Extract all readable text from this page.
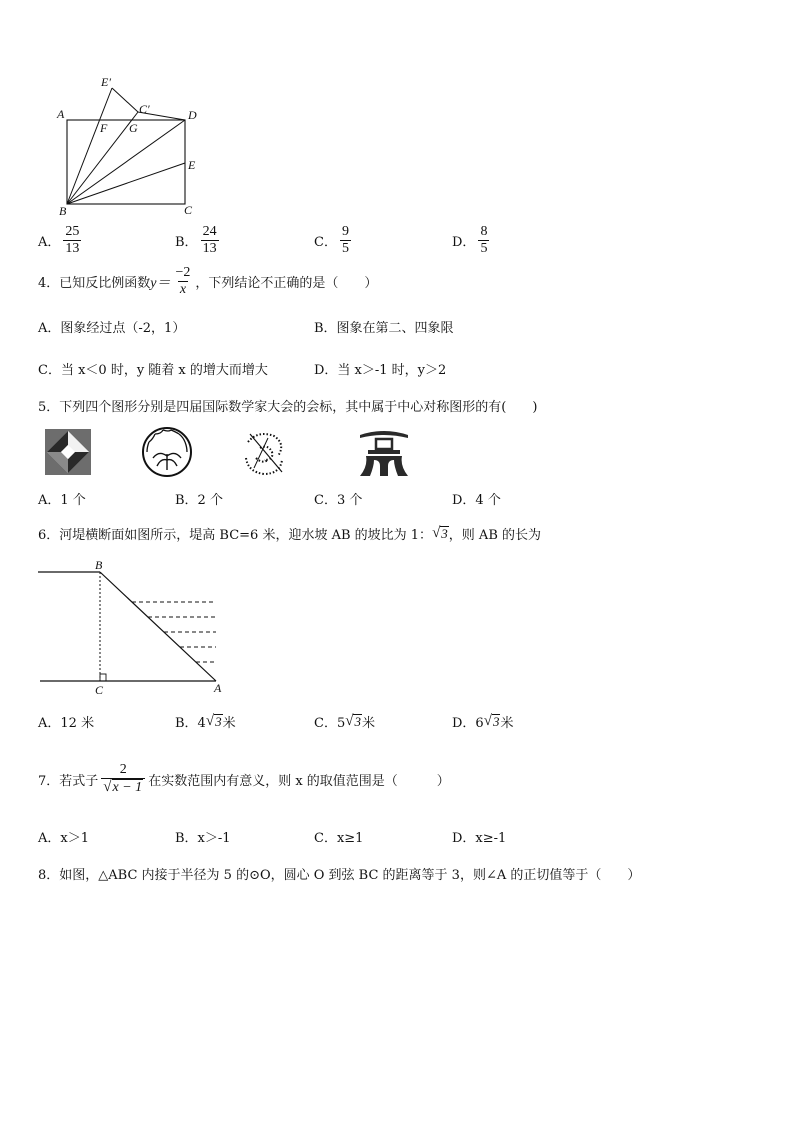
A	D
E′
C′
F G
E
B	C
A． $\frac{25}{13}$	B． $\frac{24}{13}$	C． $\frac{9}{5}$	D． $\frac{8}{5}$
4．已知反比例函数 $y= \frac{-2}{x}$ ，下列结论不正确的是（　　）
A．图象经过点（-2，1）	B．图象在第二、四象限
C．当 x＜0 时，y 随着 x 的增大而增大	D．当 x＞-1 时，y＞2
5．下列四个图形分别是四届国际数学家大会的会标，其中属于中心对称图形的有(　　)
A．1 个	B．2 个	C．3 个	D．4 个
6．河堤横断面如图所示，堤高 BC=6 米，迎水坡 AB 的坡比为 1： √ 3 ，则 AB 的长为
B
C	A
A．12 米	B．4 √ 3 米	C．5 √ 3 米	D．6 √ 3 米
7．若式子 $\frac{2}{√ x - 1}$ 在实数范围内有意义，则 x 的取值范围是（　　　）
A．x＞1	B．x＞-1	C．x≥1	D．x≥-1
8．如图，△ABC 内接于半径为 5 的⊙O，圆心 O 到弦 BC 的距离等于 3，则∠A 的正切值等于（　　）
